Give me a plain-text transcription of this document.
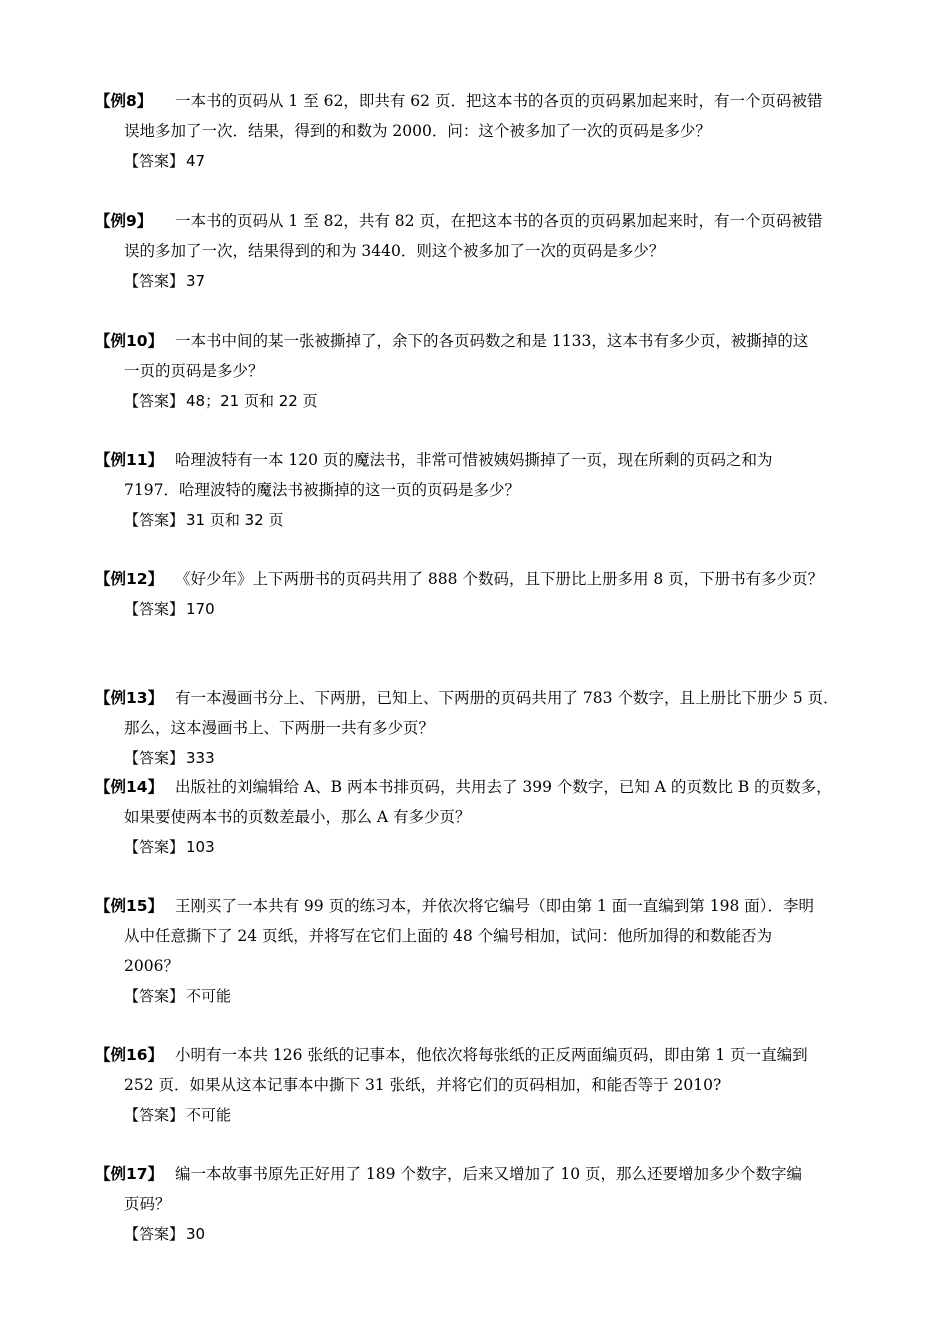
【例8】 一本书的页码从 1 至 62，即共有 62 页．把这本书的各页的页码累加起来时，有一个页码被错
误地多加了一次．结果，得到的和数为 2000．问：这个被多加了一次的页码是多少？
【答案】 47
【例9】 一本书的页码从 1 至 82，共有 82 页，在把这本书的各页的页码累加起来时，有一个页码被错
误的多加了一次，结果得到的和为 3440．则这个被多加了一次的页码是多少？
【答案】 37
【例10】 一本书中间的某一张被撕掉了，余下的各页码数之和是 1133，这本书有多少页，被撕掉的这
一页的页码是多少？
【答案】 48；21 页和 22 页
【例11】 哈理波特有一本 120 页的魔法书，非常可惜被姨妈撕掉了一页，现在所剩的页码之和为
7197．哈理波特的魔法书被撕掉的这一页的页码是多少？
【答案】 31 页和 32 页
【例12】 《好少年》上下两册书的页码共用了 888 个数码，且下册比上册多用 8 页，下册书有多少页？
【答案】 170
【例13】 有一本漫画书分上、下两册，已知上、下两册的页码共用了 783 个数字，且上册比下册少 5 页．
那么，这本漫画书上、下两册一共有多少页？
【答案】 333
【例14】 出版社的刘编辑给 A、B 两本书排页码，共用去了 399 个数字，已知 A 的页数比 B 的页数多，
如果要使两本书的页数差最小，那么 A 有多少页？
【答案】 103
【例15】 王刚买了一本共有 99 页的练习本，并依次将它编号（即由第 1 面一直编到第 198 面）．李明
从中任意撕下了 24 页纸，并将写在它们上面的 48 个编号相加，试问：他所加得的和数能否为
2006？
【答案】 不可能
【例16】 小明有一本共 126 张纸的记事本，他依次将每张纸的正反两面编页码，即由第 1 页一直编到
252 页．如果从这本记事本中撕下 31 张纸，并将它们的页码相加，和能否等于 2010?
【答案】 不可能
【例17】 编一本故事书原先正好用了 189 个数字，后来又增加了 10 页，那么还要增加多少个数字编
页码？
【答案】 30
